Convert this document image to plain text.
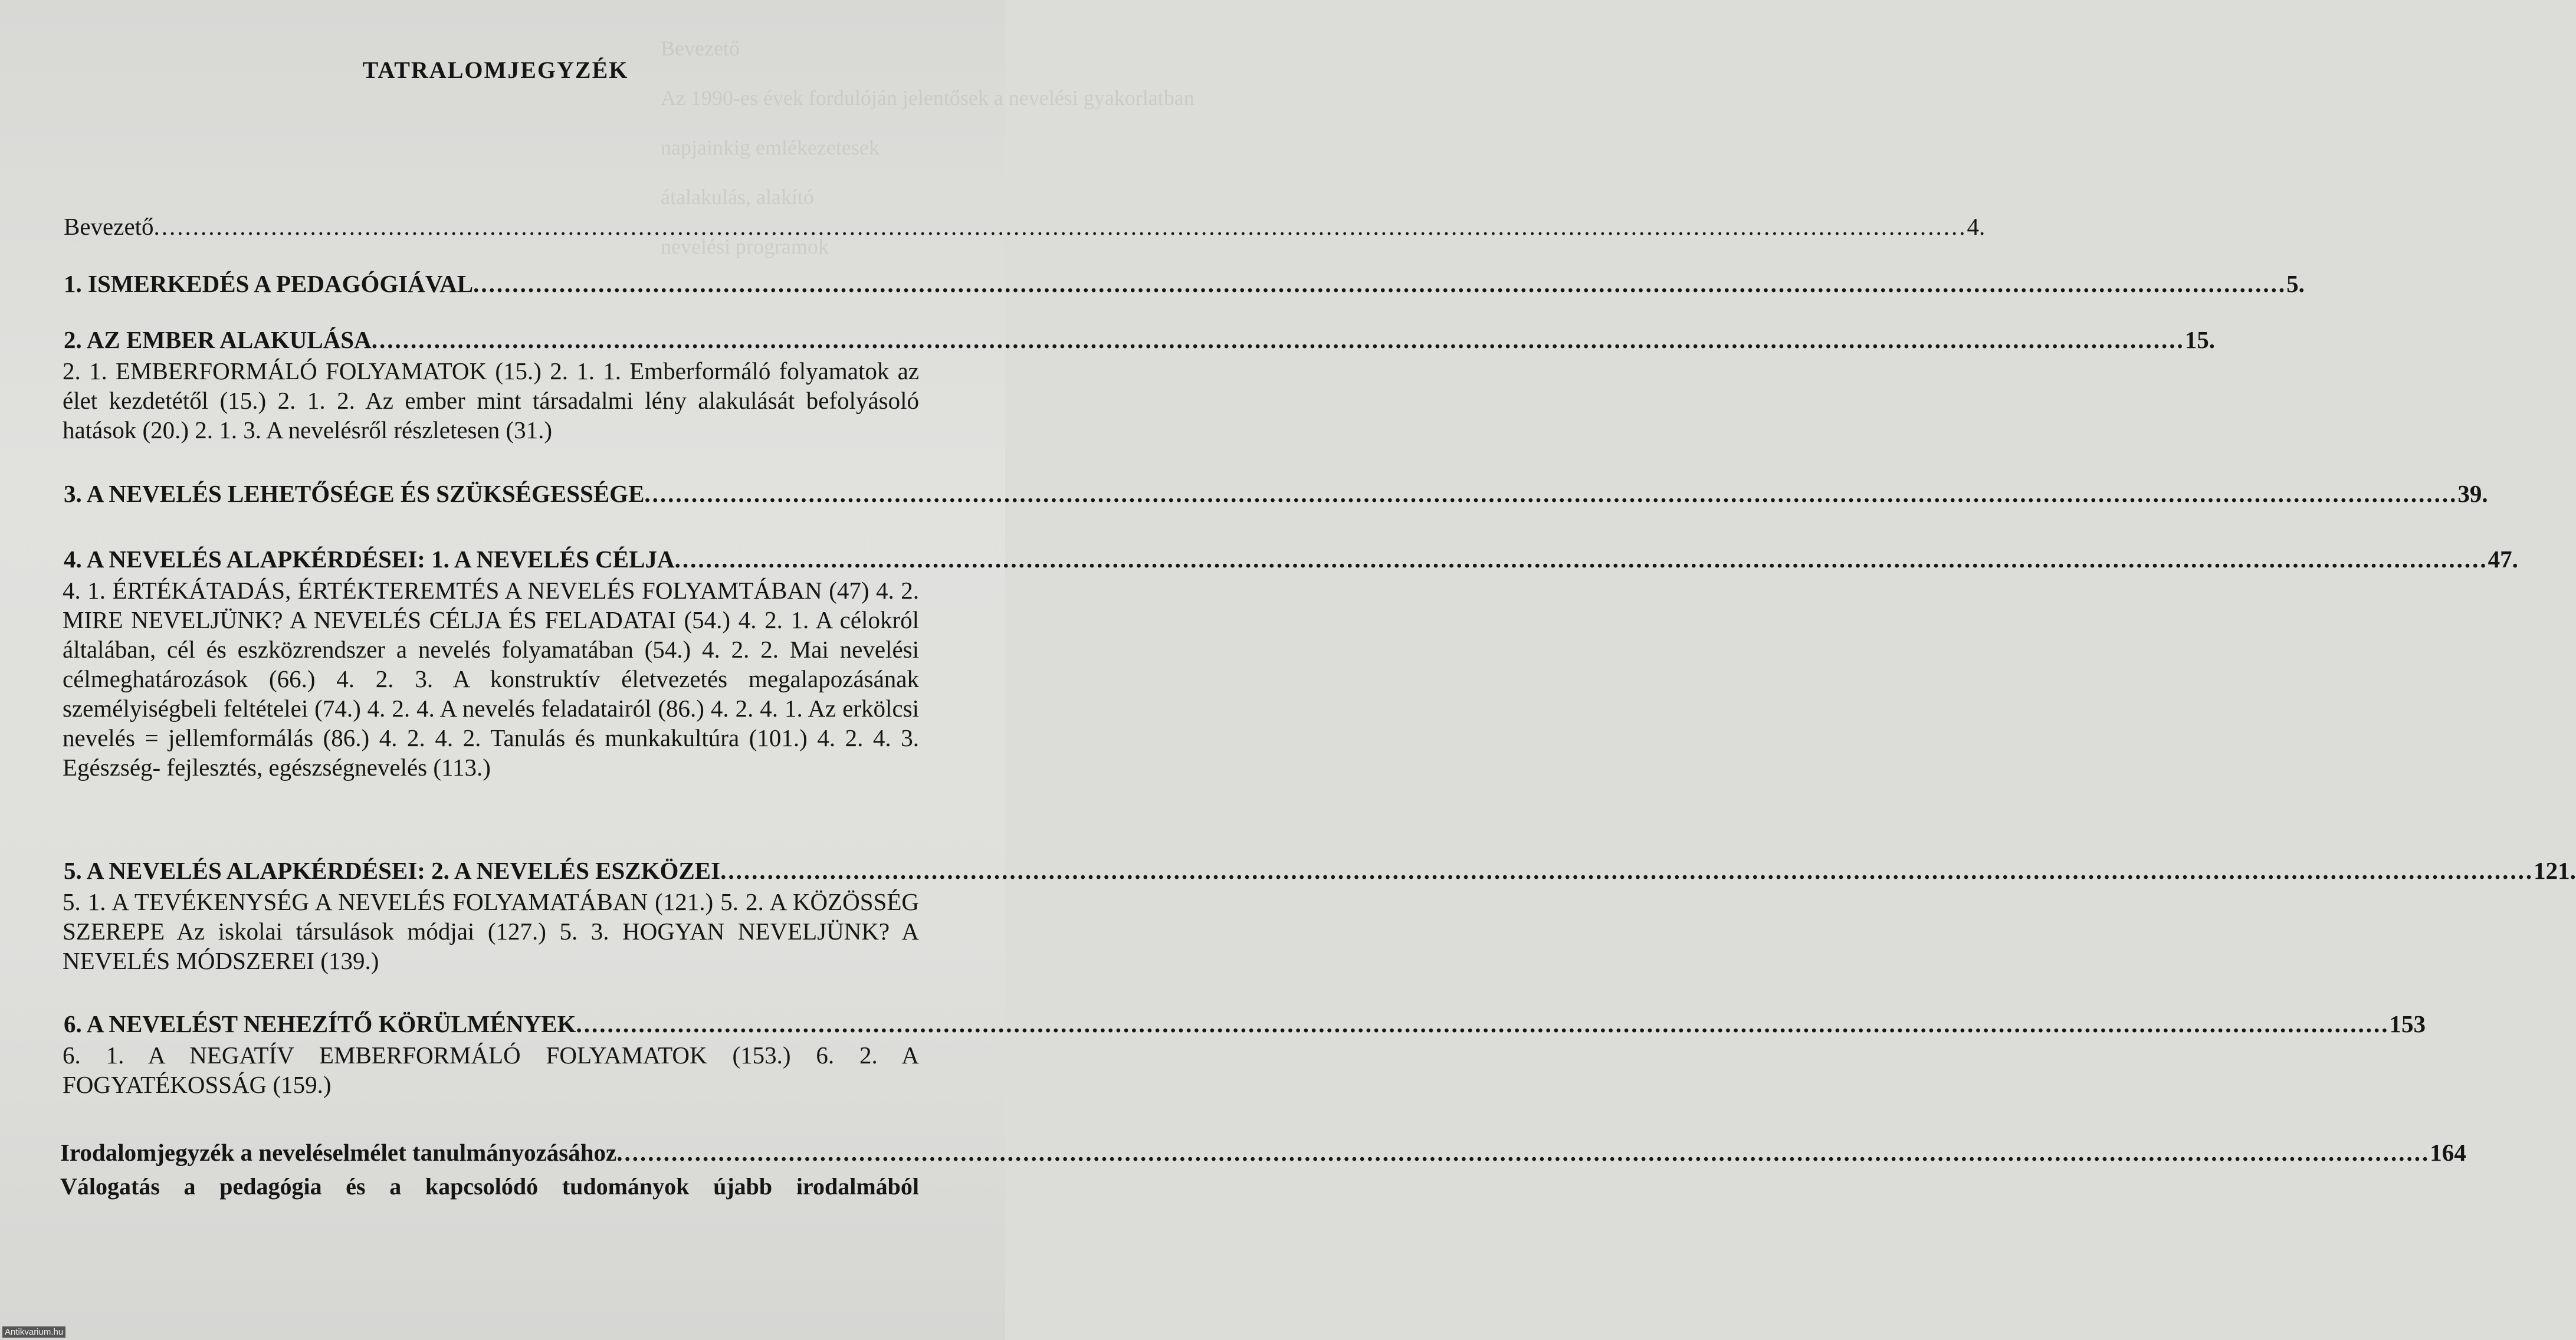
Bevezető
Az 1990-es évek fordulóján jelentősek a nevelési gyakorlatban
napjainkig emlékezetesek
átalakulás, alakító
nevelési programok
TATRALOMJEGYZÉK
Bevezető .....	4.
1. ISMERKEDÉS A PEDAGÓGIÁVAL .....	5.
2. AZ EMBER ALAKULÁSA .....	15.
2. 1. EMBERFORMÁLÓ FOLYAMATOK (15.) 2. 1. 1. Emberformáló folyamatok az élet kezdetétől (15.) 2. 1. 2. Az ember mint társadalmi lény alakulását befolyásoló hatások (20.) 2. 1. 3. A nevelésről részletesen (31.)
3. A NEVELÉS LEHETŐSÉGE ÉS SZÜKSÉGESSÉGE .....	39.
4. A NEVELÉS ALAPKÉRDÉSEI: 1. A NEVELÉS CÉLJA .....	47.
4. 1. ÉRTÉKÁTADÁS, ÉRTÉKTEREMTÉS A NEVELÉS FOLYAMTÁBAN (47) 4. 2. MIRE NEVELJÜNK? A NEVELÉS CÉLJA ÉS FELADATAI (54.) 4. 2. 1. A célokról általában, cél és eszközrendszer a nevelés folyamatában (54.) 4. 2. 2. Mai nevelési célmeghatározások (66.) 4. 2. 3. A konstruktív életvezetés megalapozásának személyiségbeli feltételei (74.) 4. 2. 4. A nevelés feladatairól (86.) 4. 2. 4. 1. Az erkölcsi nevelés = jellemformálás (86.) 4. 2. 4. 2. Tanulás és munkakultúra (101.) 4. 2. 4. 3. Egészség- fejlesztés, egészségnevelés (113.)
5. A NEVELÉS ALAPKÉRDÉSEI: 2. A NEVELÉS ESZKÖZEI .....	121.
5. 1. A TEVÉKENYSÉG A NEVELÉS FOLYAMATÁBAN (121.) 5. 2. A KÖZÖSSÉG SZEREPE Az iskolai társulások módjai (127.) 5. 3. HOGYAN NEVELJÜNK? A NEVELÉS MÓDSZEREI (139.)
6. A NEVELÉST NEHEZÍTŐ KÖRÜLMÉNYEK .....	153
6. 1. A NEGATÍV EMBERFORMÁLÓ FOLYAMATOK (153.) 6. 2. A FOGYATÉKOSSÁG (159.)
Irodalomjegyzék a neveléselmélet tanulmányozásához .....	164
Válogatás a pedagógia és a kapcsolódó tudományok újabb irodalmából
Antikvarium.hu
